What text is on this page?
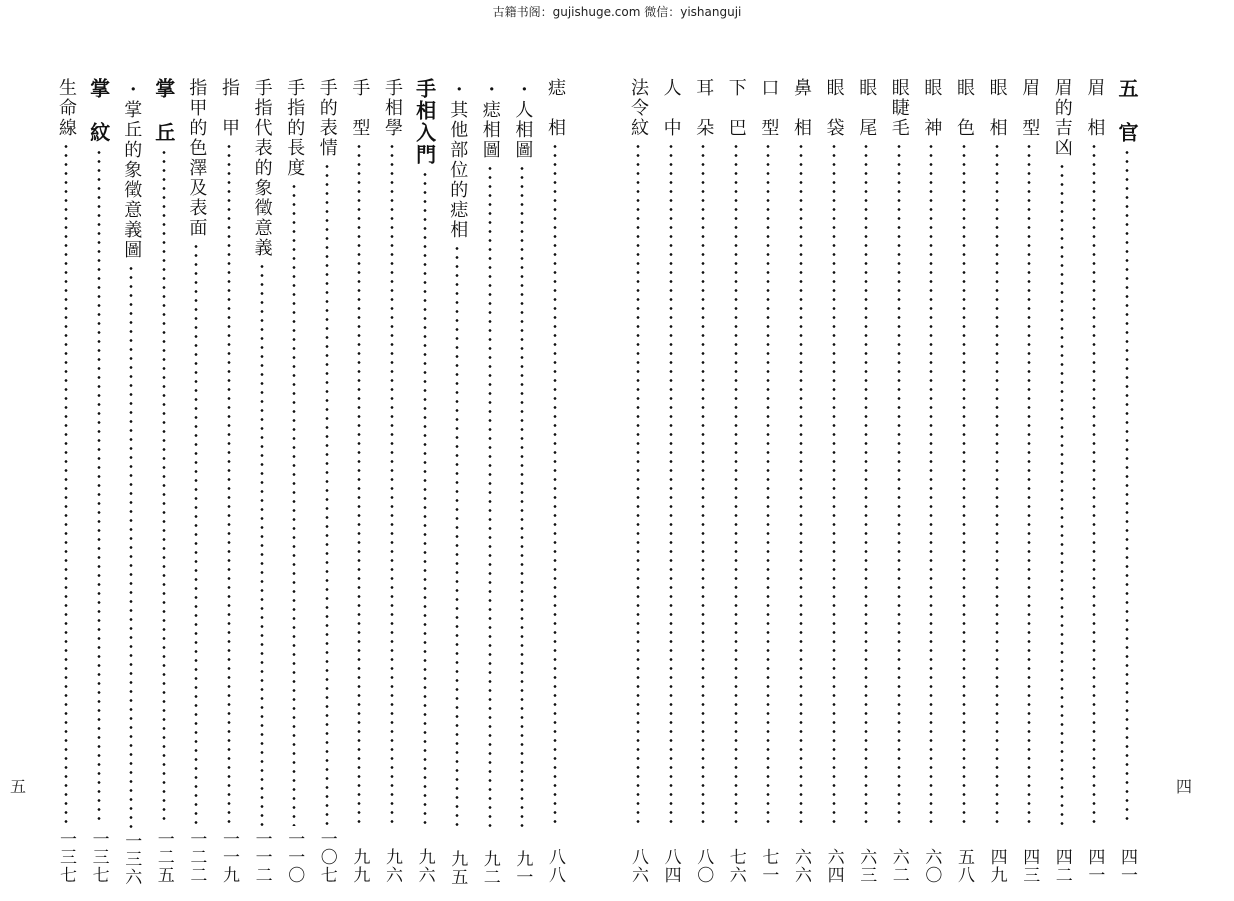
古籍书阁：gujishuge.com 微信：yishanguji
痣　相
八八
・人相圖
九一
・痣相圖
九二
・其他部位的痣相
九五
手相入門
九六
手相學
九六
手　型
九九
手的表情
一〇七
手指的長度
一一〇
手指代表的象徵意義
一一二
指　甲
一一九
指甲的色澤及表面
一二二
掌　丘
一二五
・掌丘的象徵意義圖
一三六
掌　紋
一三七
生命線
一三七
五　官
四一
眉　相
四一
眉的吉凶
四二
眉　型
四三
眼　相
四九
眼　色
五八
眼　神
六〇
眼睫毛
六二
眼　尾
六三
眼　袋
六四
鼻　相
六六
口　型
七一
下　巴
七六
耳　朵
八〇
人　中
八四
法令紋
八六
五	四
